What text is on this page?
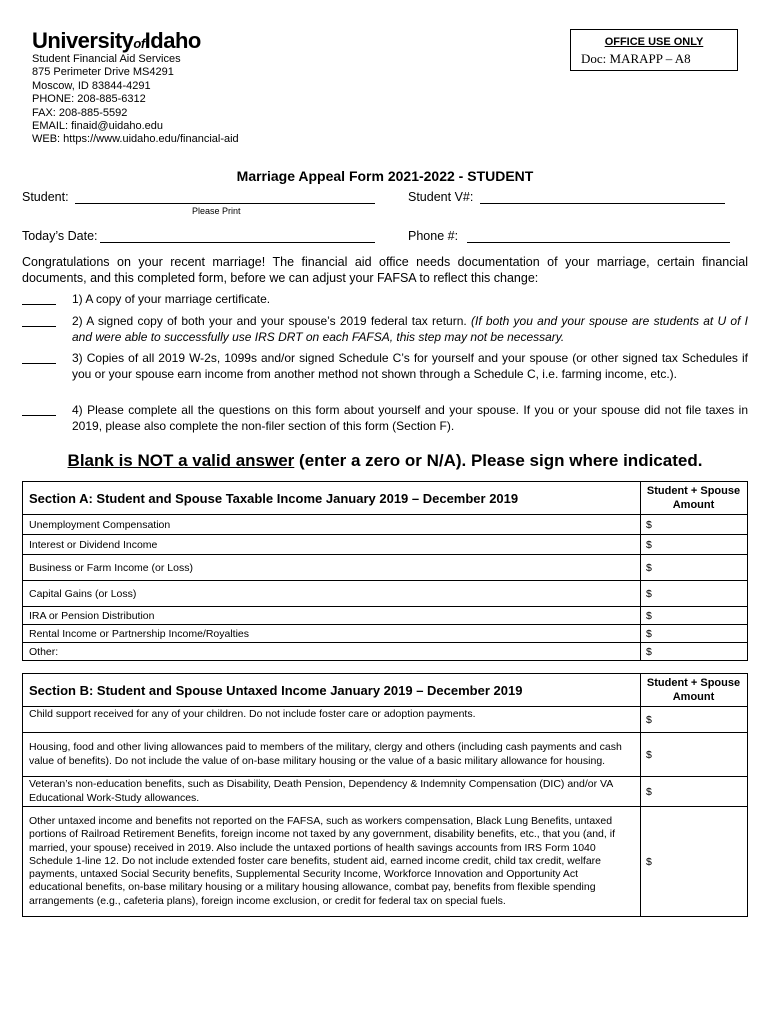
UniversityofIdaho
Student Financial Aid Services
875 Perimeter Drive MS4291
Moscow, ID 83844-4291
PHONE: 208-885-6312
FAX: 208-885-5592
EMAIL: finaid@uidaho.edu
WEB: https://www.uidaho.edu/financial-aid
OFFICE USE ONLY
Doc: MARAPP – A8
Marriage Appeal Form 2021-2022 - STUDENT
Student:
Please Print
Student V#:
Today’s Date:	Phone #:
Congratulations on your recent marriage! The financial aid office needs documentation of your marriage, certain financial documents, and this completed form, before we can adjust your FAFSA to reflect this change:
1) A copy of your marriage certificate.
2) A signed copy of both your and your spouse’s 2019 federal tax return. (If both you and your spouse are students at U of I and were able to successfully use IRS DRT on each FAFSA, this step may not be necessary.
3) Copies of all 2019 W-2s, 1099s and/or signed Schedule C’s for yourself and your spouse (or other signed tax Schedules if you or your spouse earn income from another method not shown through a Schedule C, i.e. farming income, etc.).
4) Please complete all the questions on this form about yourself and your spouse. If you or your spouse did not file taxes in 2019, please also complete the non-filer section of this form (Section F).
Blank is NOT a valid answer (enter a zero or N/A). Please sign where indicated.
Section A: Student and Spouse Taxable Income January 2019 – December 2019	Student + Spouse Amount
Unemployment Compensation	$
Interest or Dividend Income	$
Business or Farm Income (or Loss)	$
Capital Gains (or Loss)	$
IRA or Pension Distribution	$
Rental Income or Partnership Income/Royalties	$
Other:	$
Section B: Student and Spouse Untaxed Income January 2019 – December 2019	Student + Spouse Amount
Child support received for any of your children. Do not include foster care or adoption payments.	$
Housing, food and other living allowances paid to members of the military, clergy and others (including cash payments and cash value of benefits). Do not include the value of on-base military housing or the value of a basic military allowance for housing.	$
Veteran’s non-education benefits, such as Disability, Death Pension, Dependency & Indemnity Compensation (DIC) and/or VA Educational Work-Study allowances.	$
Other untaxed income and benefits not reported on the FAFSA, such as workers compensation, Black Lung Benefits, untaxed portions of Railroad Retirement Benefits, foreign income not taxed by any government, disability benefits, etc., that you (and, if married, your spouse) received in 2019. Also include the untaxed portions of health savings accounts from IRS Form 1040 Schedule 1-line 12. Do not include extended foster care benefits, student aid, earned income credit, child tax credit, welfare payments, untaxed Social Security benefits, Supplemental Security Income, Workforce Innovation and Opportunity Act educational benefits, on-base military housing or a military housing allowance, combat pay, benefits from flexible spending arrangements (e.g., cafeteria plans), foreign income exclusion, or credit for federal tax on special fuels.	$
